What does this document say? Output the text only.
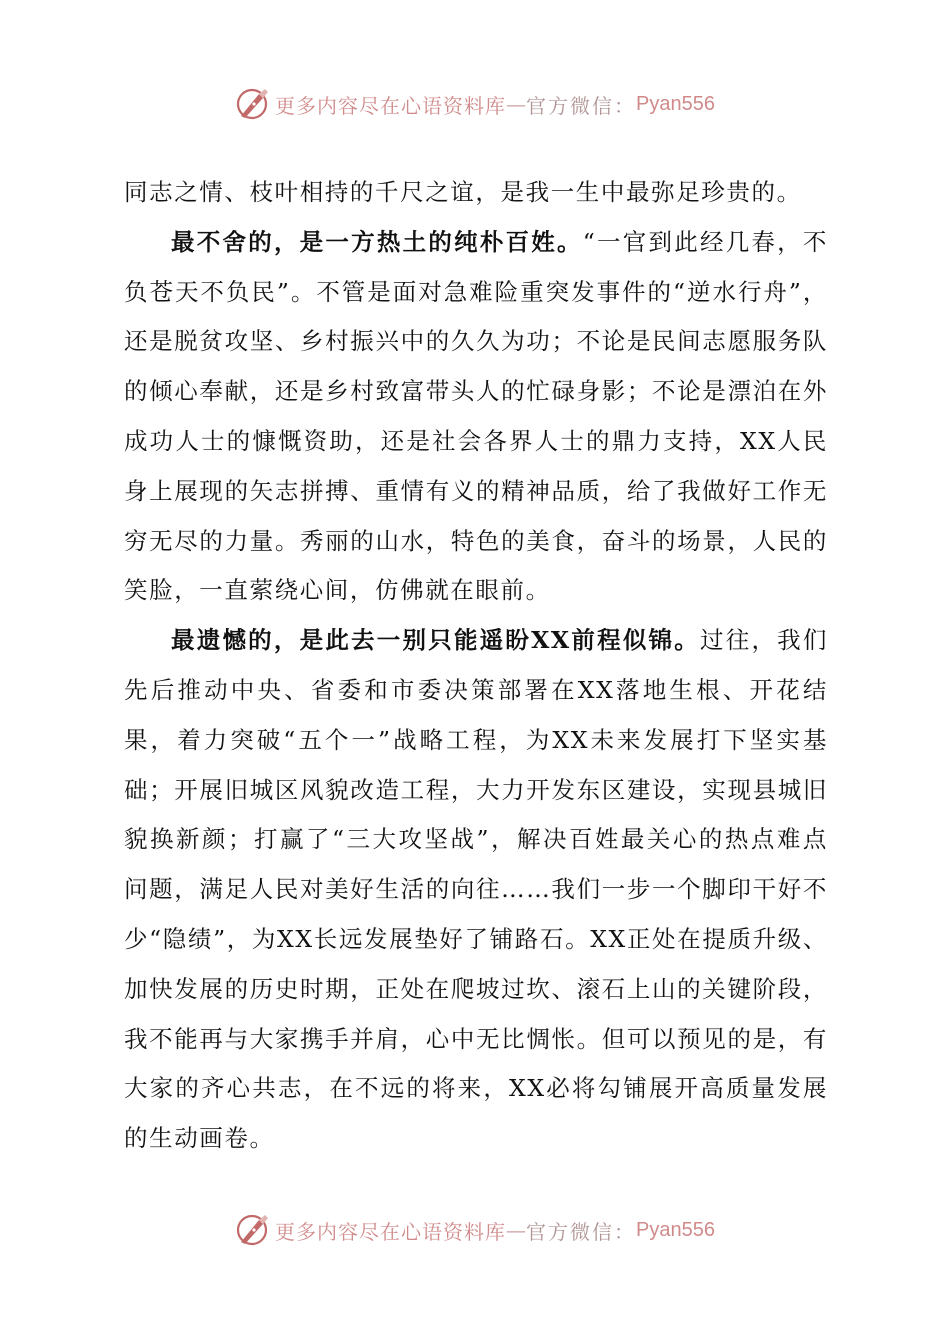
更多内容尽在心语资料库 — 官方微信： Pyan556

同志之情、枝叶相持的千尺之谊，是我一生中最弥足珍贵的。

最不舍的，是一方热土的纯朴百姓。“一官到此经几春，不负苍天不负民”。不管是面对急难险重突发事件的“逆水行舟”，还是脱贫攻坚、乡村振兴中的久久为功；不论是民间志愿服务队的倾心奉献，还是乡村致富带头人的忙碌身影；不论是漂泊在外成功人士的慷慨资助，还是社会各界人士的鼎力支持，XX人民身上展现的矢志拼搏、重情有义的精神品质，给了我做好工作无穷无尽的力量。秀丽的山水，特色的美食，奋斗的场景，人民的笑脸，一直萦绕心间，仿佛就在眼前。

最遗憾的，是此去一别只能遥盼XX前程似锦。过往，我们先后推动中央、省委和市委决策部署在XX落地生根、开花结果，着力突破“五个一”战略工程，为XX未来发展打下坚实基础；开展旧城区风貌改造工程，大力开发东区建设，实现县城旧貌换新颜；打赢了“三大攻坚战”，解决百姓最关心的热点难点问题，满足人民对美好生活的向往……我们一步一个脚印干好不少“隐绩”，为XX长远发展垫好了铺路石。XX正处在提质升级、加快发展的历史时期，正处在爬坡过坎、滚石上山的关键阶段，我不能再与大家携手并肩，心中无比惆怅。但可以预见的是，有大家的齐心共志，在不远的将来，XX必将勾铺展开高质量发展的生动画卷。

更多内容尽在心语资料库 — 官方微信： Pyan556
